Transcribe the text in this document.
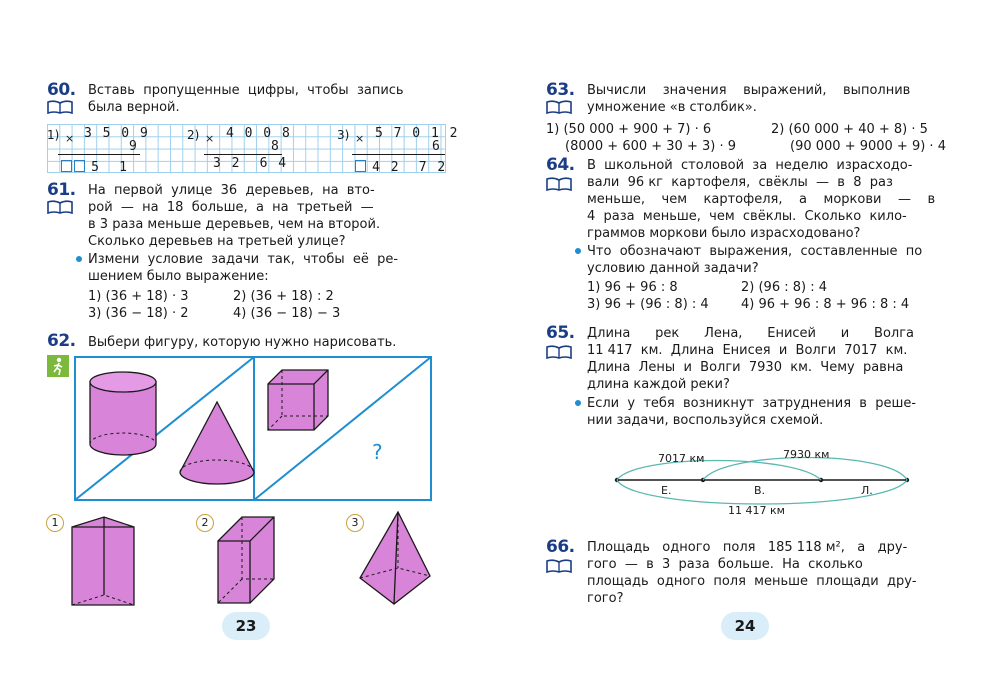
60. Вставь  пропущенные  цифры,  чтобы  запись
была верной.
1) × 3 5 0 9
9
5  1
2) × 4 0 0 8
8
3 2  6 4
3) × 5 7 0 1 2
6
4 2  7 2
61. На  первой  улице  36  деревьев,  на  вто-
рой  —  на  18  больше,  а  на  третьей  —
в 3 раза меньше деревьев, чем на второй.
Сколько деревьев на третьей улице?
Измени  условие  задачи  так,  чтобы  её  ре-
шением было выражение:
1) (36 + 18) · 3	2) (36 + 18) : 2
3) (36 − 18) · 2	4) (36 − 18) − 3
62. Выбери фигуру, которую нужно нарисовать.
?
1	2	3
23
63. Вычисли    значения    выражений,    выполнив
умножение «в столбик».
1) (50 000 + 900 + 7) · 6
(8000 + 600 + 30 + 3) · 9
2) (60 000 + 40 + 8) · 5
(90 000 + 9000 + 9) · 4
64. В  школьной  столовой  за  неделю  израсходо-
вали  96 кг  картофеля,  свёклы  —  в  8  раз
меньше,    чем    картофеля,    а    моркови    —    в
4  раза  меньше,  чем  свёклы.  Сколько  кило-
граммов моркови было израсходовано?
Что  обозначают  выражения,  составленные  по
условию данной задачи?
1) 96 + 96 : 8	2) (96 : 8) : 4
3) 96 + (96 : 8) : 4 4) 96 + 96 : 8 + 96 : 8 : 4
65. Длина      рек      Лена,      Енисей      и      Волга
11 417  км.  Длина  Енисея  и  Волги  7017  км.
Длина  Лены  и  Волги  7930  км.  Чему  равна
длина каждой реки?
Если  у  тебя  возникнут  затруднения  в  реше-
нии задачи, воспользуйся схемой.
7017 км	7930 км
Е.	В.	Л.
11 417 км
66. Площадь   одного   поля   185 118 м²,   а   дру-
гого  —  в  3  раза  больше.  На  сколько
площадь  одного  поля  меньше  площади  дру-
гого?
24
